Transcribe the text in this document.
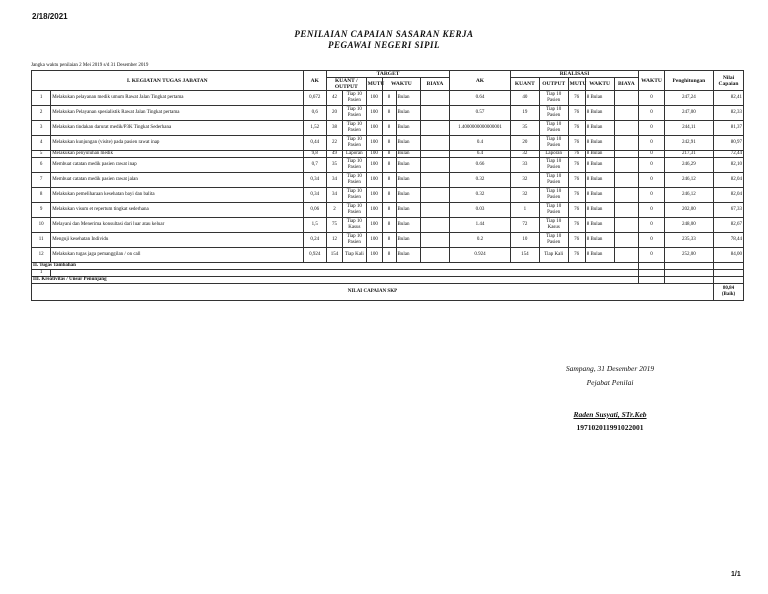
2/18/2021
PENILAIAN CAPAIAN SASARAN KERJA
PEGAWAI NEGERI SIPIL
Jangka waktu penilaian 2 Mei 2019 s/d 31 Desember 2019
I. KEGIATAN TUGAS JABATAN		AK	TARGET						AK	REALISASI					WAKTU	Penghitungan	Nilai Capaian
			KUANT / OUTPUT		MUTU	WAKTU		BIAYA		KUANT	OUTPUT	MUTU	WAKTU	BIAYA			
1	Melakukan pelayanan medik umum Rawat Jalan Tingkat pertama	0,672	42	Tiap 10 Pasien	100	8	Bulan		0.64	40	Tiap 10 Pasien	76	8 Bulan		0	247,24	82,41
2	Melakukan Pelayanan spesialistik Rawat Jalan Tingkat pertama	0,6	20	Tiap 10 Pasien	100	8	Bulan		0.57	19	Tiap 10 Pasien	76	8 Bulan		0	247,00	82,33
3	Melakukan tindakan darurat medik/P3K Tingkat Sederhana	1,52	38	Tiap 10 Pasien	100	8	Bulan		1.4000000000000001	35	Tiap 10 Pasien	76	8 Bulan		0	244,11	81,37
4	Melakukan kunjungan (visite) pada pasien rawat inap	0,44	22	Tiap 10 Pasien	100	8	Bulan		0.4	20	Tiap 10 Pasien	76	8 Bulan		0	242,91	80,97
5	Melakukan penyuluhan medik	9,8	49	Laporan	100	8	Bulan		6.4	32	Laporan	76	8 Bulan		0	217,31	72,44
6	Membuat catatan medik pasien rawat inap	0,7	35	Tiap 10 Pasien	100	8	Bulan		0.66	33	Tiap 10 Pasien	76	8 Bulan		0	246,29	82,10
7	Membuat catatan medik pasien rawat jalan	0,34	34	Tiap 10 Pasien	100	8	Bulan		0.32	32	Tiap 10 Pasien	76	8 Bulan		0	246,12	82,04
8	Melakukan pemeliharaan kesehatan bayi dan balita	0,34	34	Tiap 10 Pasien	100	8	Bulan		0.32	32	Tiap 10 Pasien	76	8 Bulan		0	246,12	82,04
9	Melakukan visum et repertum tingkat sederhana	0,06	2	Tiap 10 Pasien	100	8	Bulan		0.03	1	Tiap 10 Pasien	76	8 Bulan		0	202,00	67,33
10	Melayani dan Menerima konsultasi dari luar atau keluar	1,5	75	Tiap 10 Kasus	100	8	Bulan		1.44	72	Tiap 10 Kasus	76	8 Bulan		0	248,00	82,67
11	Menguji kesehatan Individu	0,24	12	Tiap 10 Pasien	100	8	Bulan		0.2	10	Tiap 10 Pasien	76	8 Bulan		0	235,33	78,44
12	Melakukan tugas jaga pemanggilan / on call	0,924	154	Tiap Kali	100	8	Bulan		0.924	154	Tiap Kali	76	8 Bulan		0	252,00	84,00
II. Tugas Tambahan																	
1																	
III. Kreativitas / Unsur Penunjang																	
NILAI CAPAIAN SKP																	80,84
(Baik)
Sampang, 31 Desember 2019
Pejabat Penilai
Raden Susyati, STr.Keb
197102011991022001
1/1
